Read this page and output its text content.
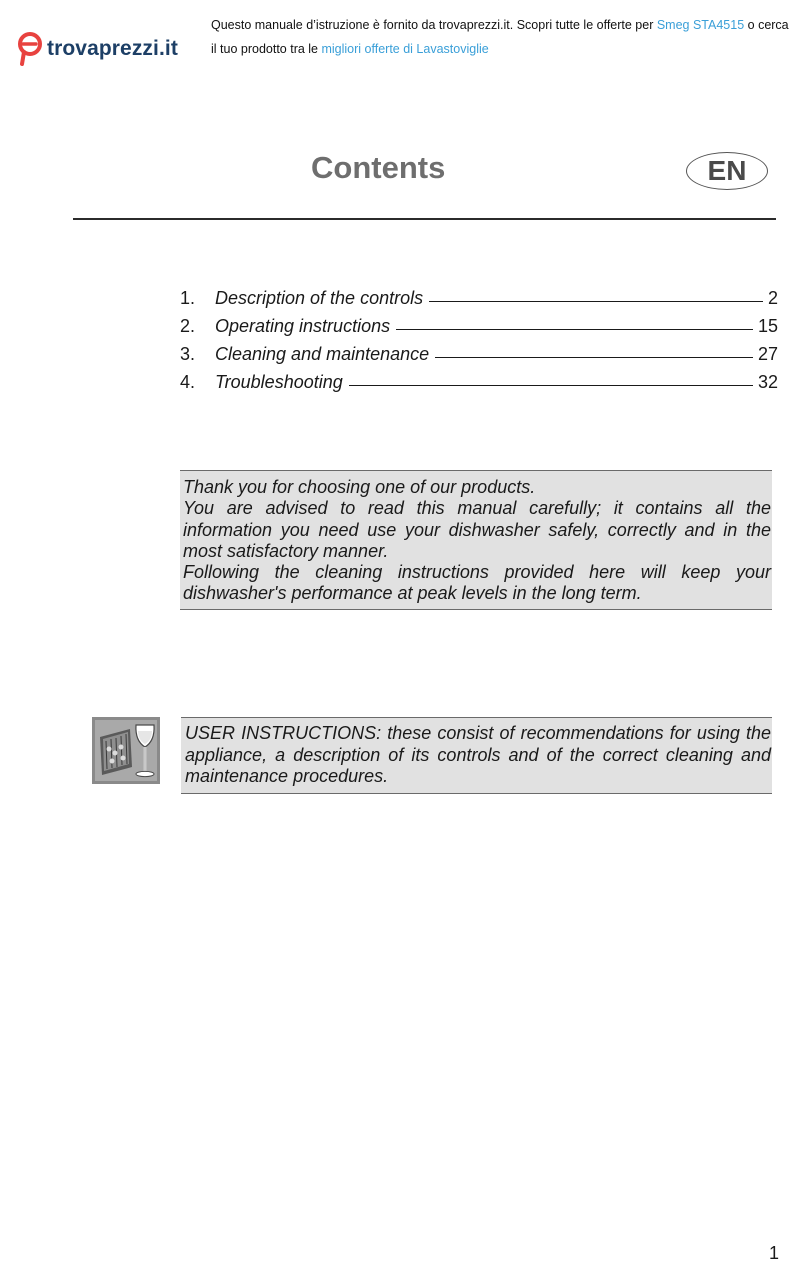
trovaprezzi.it
Questo manuale d’istruzione è fornito da trovaprezzi.it. Scopri tutte le offerte per Smeg STA4515 o cerca
il tuo prodotto tra le migliori offerte di Lavastoviglie
Contents	EN
1.	Description of the controls	2
2.	Operating instructions	15
3.	Cleaning and maintenance	27
4.	Troubleshooting	32

Thank you for choosing one of our products.

You are advised to read this manual carefully; it contains all the information you need use your dishwasher safely, correctly and in the most satisfactory manner.

Following the cleaning instructions provided here will keep your dishwasher's performance at peak levels in the long term.

USER INSTRUCTIONS: these consist of recommendations for using the appliance, a description of its controls and of the correct cleaning and maintenance procedures.
1
